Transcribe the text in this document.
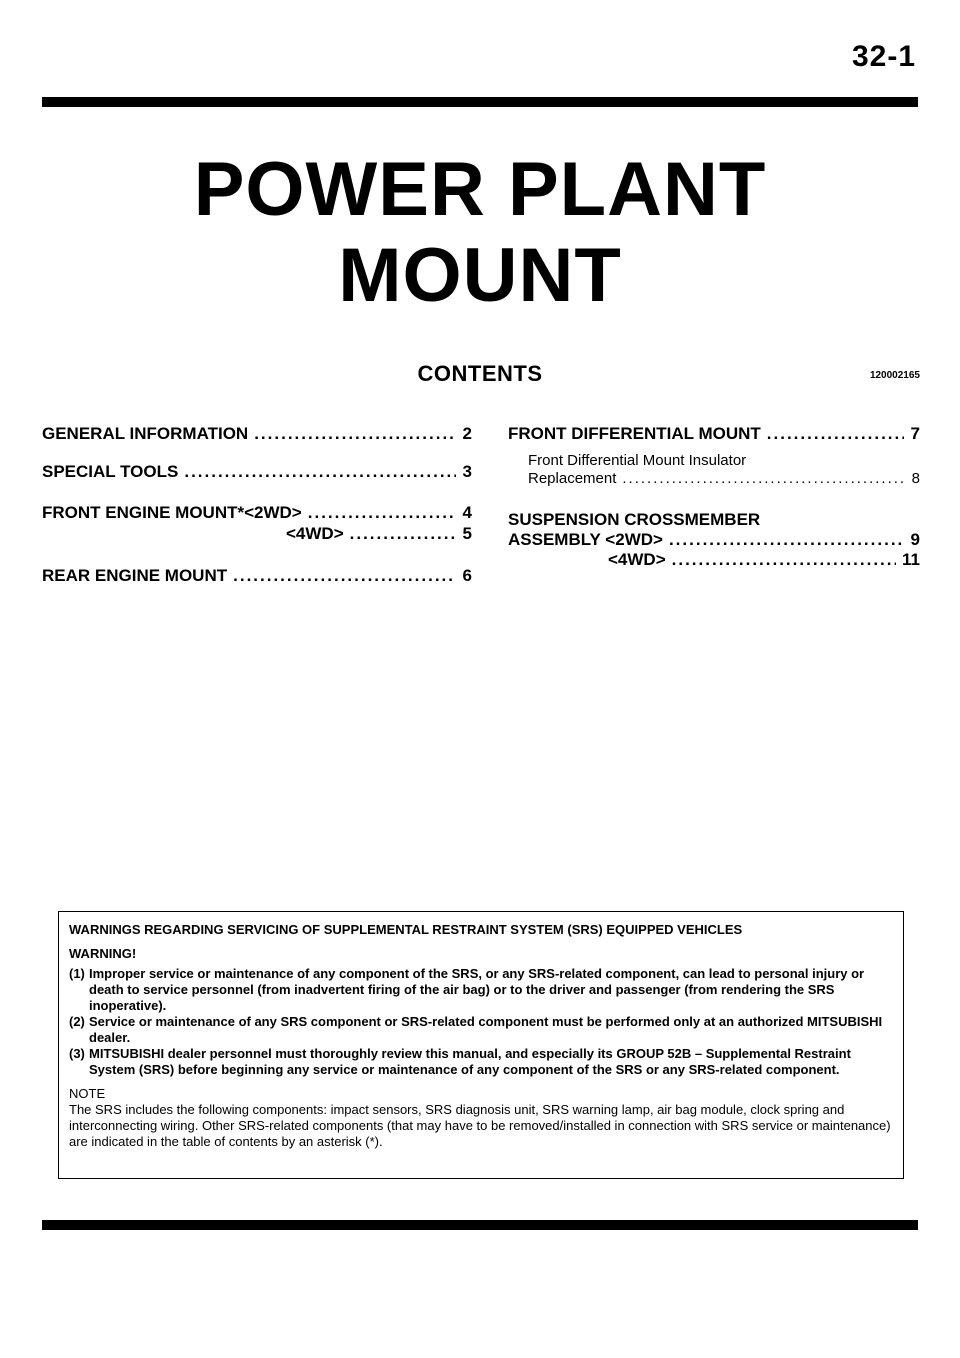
32-1
POWER PLANT
MOUNT
CONTENTS	120002165
GENERAL INFORMATION .....	2
SPECIAL TOOLS .....	3
FRONT ENGINE MOUNT*<2WD> .....	4
<4WD> .....	5
REAR ENGINE MOUNT .....	6
FRONT DIFFERENTIAL MOUNT .....	7
Front Differential Mount Insulator
Replacement .....	8
SUSPENSION CROSSMEMBER
ASSEMBLY <2WD> .....	9
<4WD> .....	11
WARNINGS REGARDING SERVICING OF SUPPLEMENTAL RESTRAINT SYSTEM (SRS) EQUIPPED VEHICLES
WARNING!
(1) Improper service or maintenance of any component of the SRS, or any SRS-related component, can lead to personal injury or death to service personnel (from inadvertent firing of the air bag) or to the driver and passenger (from rendering the SRS inoperative).
(2) Service or maintenance of any SRS component or SRS-related component must be performed only at an authorized MITSUBISHI dealer.
(3) MITSUBISHI dealer personnel must thoroughly review this manual, and especially its GROUP 52B – Supplemental Restraint System (SRS) before beginning any service or maintenance of any component of the SRS or any SRS-related component.
NOTE
The SRS includes the following components: impact sensors, SRS diagnosis unit, SRS warning lamp, air bag module, clock spring and interconnecting wiring. Other SRS-related components (that may have to be removed/installed in connection with SRS service or maintenance) are indicated in the table of contents by an asterisk (*).
